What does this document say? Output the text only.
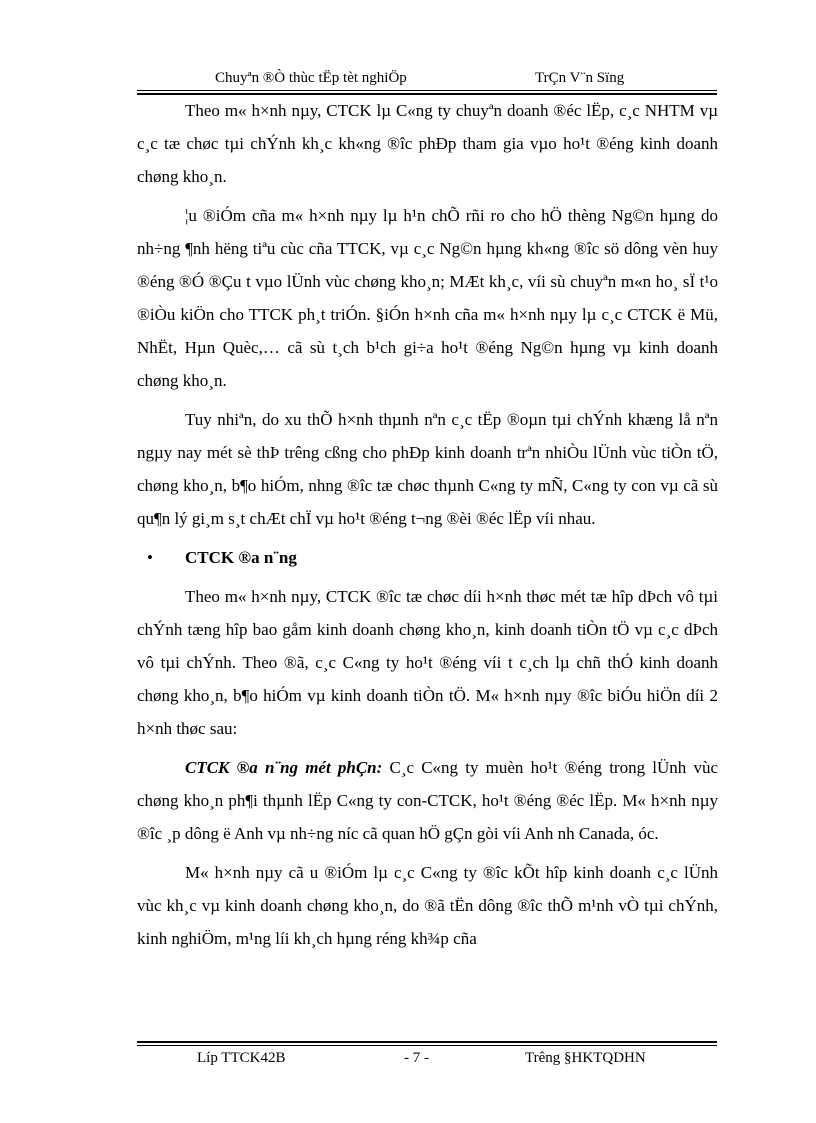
Chuyªn ®Ò thùc tËp tèt nghiÖp	TrÇn V¨n Sïng

Theo m« h×nh nµy, CTCK lµ C«ng ty chuyªn doanh ®éc lËp, c¸c NHTM vµ c¸c tæ chøc tµi chÝnh kh¸c kh«ng ®îc phÐp tham gia vµo ho¹t ®éng kinh doanh chøng kho¸n.

¦u ®iÓm cña m« h×nh nµy lµ h¹n chÕ rñi ro cho hÖ thèng Ng©n hµng do nh÷ng ¶nh hëng tiªu cùc cña TTCK, vµ c¸c Ng©n hµng kh«ng ®îc sö dông vèn huy ®éng ®Ó ®Çu t vµo lÜnh vùc chøng kho¸n; MÆt kh¸c, víi sù chuyªn m«n ho¸ sÏ t¹o ®iÒu kiÖn cho TTCK ph¸t triÓn. §iÓn h×nh cña m« h×nh nµy lµ c¸c CTCK ë Mü, NhËt, Hµn Quèc,… cã sù t¸ch b¹ch gi÷a ho¹t ®éng Ng©n hµng vµ kinh doanh chøng kho¸n.

Tuy nhiªn, do xu thÕ h×nh thµnh nªn c¸c tËp ®oµn tµi chÝnh khæng lå nªn ngµy nay mét sè thÞ trêng cßng cho phÐp kinh doanh trªn nhiÒu lÜnh vùc tiÒn tÖ, chøng kho¸n, b¶o hiÓm, nhng ®îc tæ chøc thµnh C«ng ty mÑ, C«ng ty con vµ cã sù qu¶n lý gi¸m s¸t chÆt chÏ vµ ho¹t ®éng t¬ng ®èi ®éc lËp víi nhau.

• CTCK ®a n¨ng

Theo m« h×nh nµy, CTCK ®îc tæ chøc díi h×nh thøc mét tæ hîp dÞch vô tµi chÝnh tæng hîp bao gåm kinh doanh chøng kho¸n, kinh doanh tiÒn tÖ vµ c¸c dÞch vô tµi chÝnh. Theo ®ã, c¸c C«ng ty ho¹t ®éng víi t c¸ch lµ chñ thÓ kinh doanh chøng kho¸n, b¶o hiÓm vµ kinh doanh tiÒn tÖ. M« h×nh nµy ®îc biÓu hiÖn díi 2 h×nh thøc sau:

CTCK ®a n¨ng mét phÇn: C¸c C«ng ty muèn ho¹t ®éng trong lÜnh vùc chøng kho¸n ph¶i thµnh lËp C«ng ty con-CTCK, ho¹t ®éng ®éc lËp. M« h×nh nµy ®îc ¸p dông ë Anh vµ nh÷ng níc cã quan hÖ gÇn gòi víi Anh nh Canada, óc.

M« h×nh nµy cã u ®iÓm lµ c¸c C«ng ty ®îc kÕt hîp kinh doanh c¸c lÜnh vùc kh¸c vµ kinh doanh chøng kho¸n, do ®ã tËn dông ®îc thÕ m¹nh vÒ tµi chÝnh, kinh nghiÖm, m¹ng líi kh¸ch hµng réng kh¾p cña

Líp TTCK42B	- 7 -	Trêng §HKTQDHN
